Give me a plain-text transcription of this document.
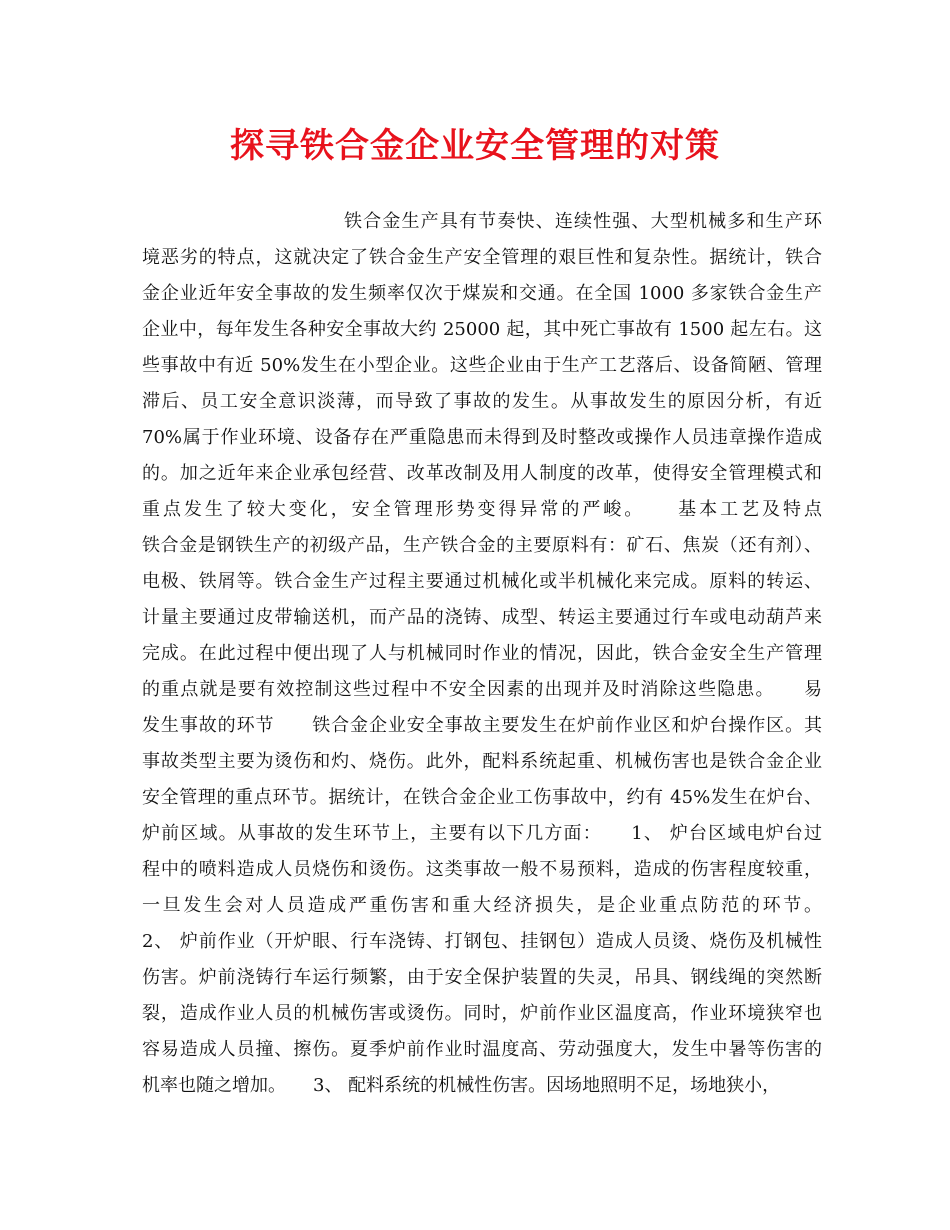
探寻铁合金企业安全管理的对策
铁合金生产具有节奏快、连续性强、大型机械多和生产环
境恶劣的特点，这就决定了铁合金生产安全管理的艰巨性和复杂性。据统计，铁合
金企业近年安全事故的发生频率仅次于煤炭和交通。在全国 1000 多家铁合金生产
企业中，每年发生各种安全事故大约 25000 起，其中死亡事故有 1500 起左右。这
些事故中有近 50%发生在小型企业。这些企业由于生产工艺落后、设备简陋、管理
滞后、员工安全意识淡薄，而导致了事故的发生。从事故发生的原因分析，有近
70%属于作业环境、设备存在严重隐患而未得到及时整改或操作人员违章操作造成
的。加之近年来企业承包经营、改革改制及用人制度的改革，使得安全管理模式和
重点发生了较大变化，安全管理形势变得异常的严峻。　　基本工艺及特点
铁合金是钢铁生产的初级产品，生产铁合金的主要原料有：矿石、焦炭（还有剂）、
电极、铁屑等。铁合金生产过程主要通过机械化或半机械化来完成。原料的转运、
计量主要通过皮带输送机，而产品的浇铸、成型、转运主要通过行车或电动葫芦来
完成。在此过程中便出现了人与机械同时作业的情况，因此，铁合金安全生产管理
的重点就是要有效控制这些过程中不安全因素的出现并及时消除这些隐患。　　易
发生事故的环节　　铁合金企业安全事故主要发生在炉前作业区和炉台操作区。其
事故类型主要为烫伤和灼、烧伤。此外，配料系统起重、机械伤害也是铁合金企业
安全管理的重点环节。据统计，在铁合金企业工伤事故中，约有 45%发生在炉台、
炉前区域。从事故的发生环节上，主要有以下几方面：　　1、 炉台区域电炉台过
程中的喷料造成人员烧伤和烫伤。这类事故一般不易预料，造成的伤害程度较重，
一旦发生会对人员造成严重伤害和重大经济损失，是企业重点防范的环节。
2、 炉前作业（开炉眼、行车浇铸、打钢包、挂钢包）造成人员烫、烧伤及机械性
伤害。炉前浇铸行车运行频繁，由于安全保护装置的失灵，吊具、钢线绳的突然断
裂，造成作业人员的机械伤害或烫伤。同时，炉前作业区温度高，作业环境狭窄也
容易造成人员撞、擦伤。夏季炉前作业时温度高、劳动强度大，发生中暑等伤害的
机率也随之增加。　　3、 配料系统的机械性伤害。因场地照明不足，场地狭小，
